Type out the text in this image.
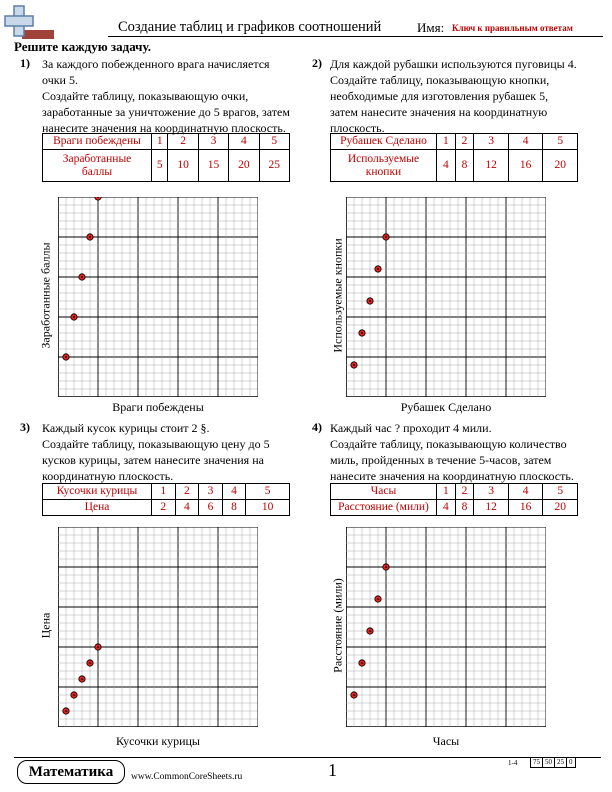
Создание таблиц и графиков соотношений	Имя: Ключ к правильным ответам
Решите каждую задачу.
1) За каждого побежденного врага начисляется
очки 5.
Создайте таблицу, показывающую очки,
заработанные за уничтожение до 5 врагов, затем
нанесите значения на координатную плоскость.
Враги побеждены	1	2	3	4	5
Заработанные
баллы	5	10	15	20	25
Заработанные баллы
Враги побеждены
2) Для каждой рубашки используются пуговицы 4.
Создайте таблицу, показывающую кнопки,
необходимые для изготовления рубашек 5,
затем нанесите значения на координатную
плоскость.
Рубашек Сделано	1	2	3	4	5
Используемые
кнопки	4	8	12	16	20
Используемые кнопки
Рубашек Сделано
3) Каждый кусок курицы стоит 2 §.
Создайте таблицу, показывающую цену до 5
кусков курицы, затем нанесите значения на
координатную плоскость.
Кусочки курицы	1	2	3	4	5
Цена	2	4	6	8	10
Цена
Кусочки курицы
4) Каждый час ? проходит 4 мили.
Создайте таблицу, показывающую количество
миль, пройденных в течение 5-часов, затем
нанесите значения на координатную плоскость.
Часы	1	2	3	4	5
Расстояние (мили)	4	8	12	16	20
Расстояние (мили)
Часы
Математика	www.CommonCoreSheets.ru	1	1-4 75	50	25	0
